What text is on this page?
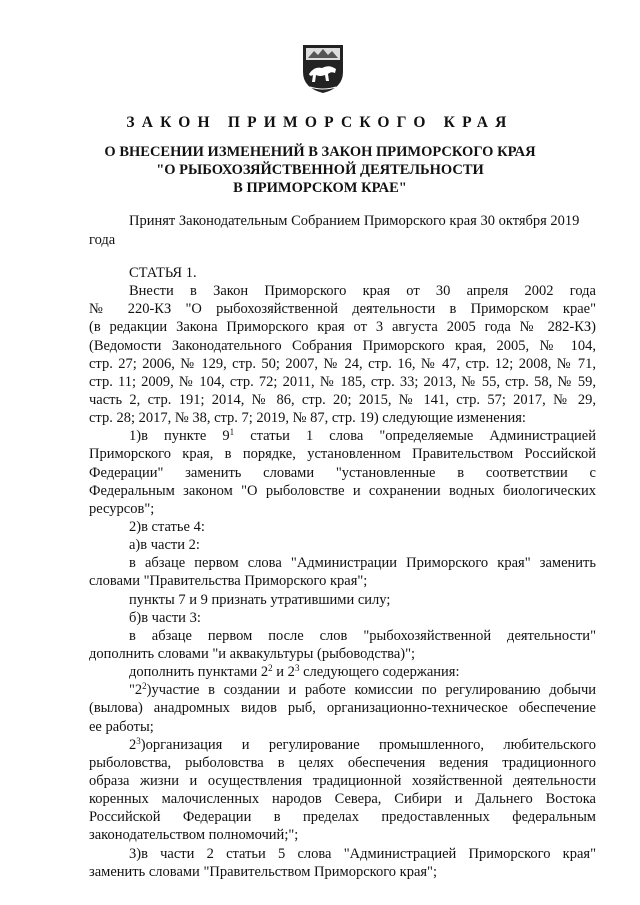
ЗАКОН ПРИМОРСКОГО КРАЯ
О ВНЕСЕНИИ ИЗМЕНЕНИЙ В ЗАКОН ПРИМОРСКОГО КРАЯ
"О РЫБОХОЗЯЙСТВЕННОЙ ДЕЯТЕЛЬНОСТИ
В ПРИМОРСКОМ КРАЕ"

Принят Законодательным Собранием Приморского края 30 октября 2019 года

СТАТЬЯ 1.
Внести в Закон Приморского края от 30 апреля 2002 года
№ 220-КЗ "О рыбохозяйственной деятельности в Приморском крае"
(в редакции Закона Приморского края от 3 августа 2005 года № 282-КЗ)
(Ведомости Законодательного Собрания Приморского края, 2005, № 104,
стр. 27; 2006, № 129, стр. 50; 2007, № 24, стр. 16, № 47, стр. 12; 2008, № 71,
стр. 11; 2009, № 104, стр. 72; 2011, № 185, стр. 33; 2013, № 55, стр. 58, № 59,
часть 2, стр. 191; 2014, № 86, стр. 20; 2015, № 141, стр. 57; 2017, № 29,
стр. 28; 2017, № 38, стр. 7; 2019, № 87, стр. 19) следующие изменения:
1)в пункте $9^1$ статьи 1 слова "определяемые Администрацией
Приморского края, в порядке, установленном Правительством Российской
Федерации" заменить словами "установленные в соответствии с
Федеральным законом "О рыболовстве и сохранении водных биологических
ресурсов";
2)в статье 4:
а)в части 2:
в абзаце первом слова "Администрации Приморского края" заменить
словами "Правительства Приморского края";
пункты 7 и 9 признать утратившими силу;
б)в части 3:
в абзаце первом после слов "рыбохозяйственной деятельности"
дополнить словами "и аквакультуры (рыбоводства)";
дополнить пунктами $2^2$ и $2^3$ следующего содержания:
"$2^2)участие$ в создании и работе комиссии по регулированию добычи
(вылова) анадромных видов рыб, организационно-техническое обеспечение
ее работы;
$2^3)организация$ и регулирование промышленного, любительского
рыболовства, рыболовства в целях обеспечения ведения традиционного
образа жизни и осуществления традиционной хозяйственной деятельности
коренных малочисленных народов Севера, Сибири и Дальнего Востока
Российской Федерации в пределах предоставленных федеральным
законодательством полномочий;";
3)в части 2 статьи 5 слова "Администрацией Приморского края"
заменить словами "Правительством Приморского края";
